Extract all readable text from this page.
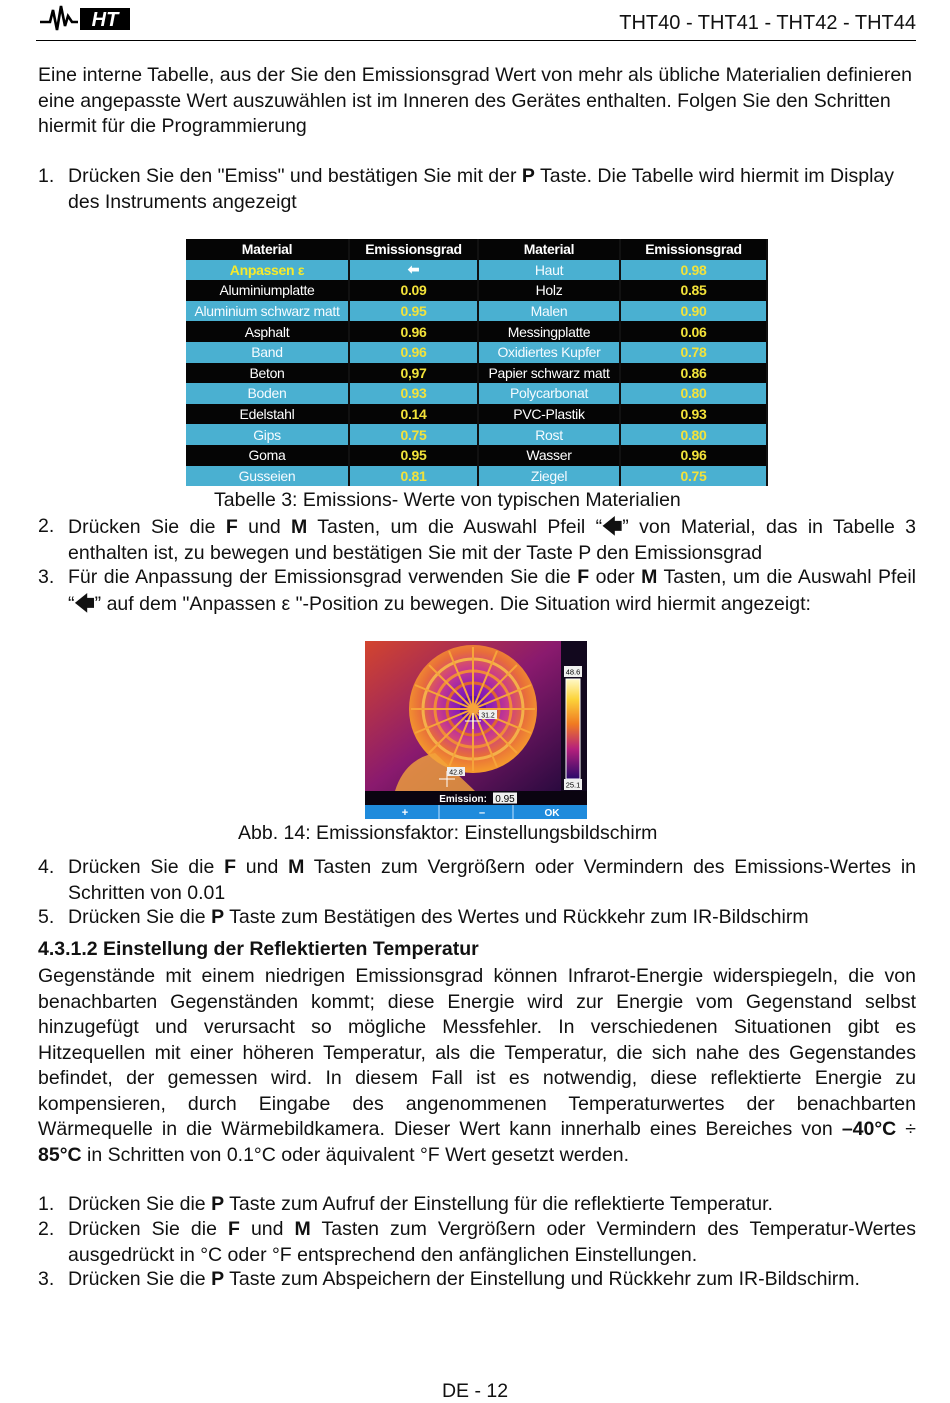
HT	THT40 - THT41 - THT42 - THT44

Eine interne Tabelle, aus der Sie den Emissionsgrad Wert von mehr als übliche Materialien definieren eine angepasste Wert auszuwählen ist im Inneren des Gerätes enthalten. Folgen Sie den Schritten hiermit für die Programmierung

1. Drücken Sie den "Emiss" und bestätigen Sie mit der P Taste. Die Tabelle wird hiermit im Display des Instruments angezeigt
Material	Emissionsgrad	Material	Emissionsgrad
Anpassen ε	⬅	Haut	0.98
Aluminiumplatte	0.09	Holz	0.85
Aluminium schwarz matt	0.95	Malen	0.90
Asphalt	0.96	Messingplatte	0.06
Band	0.96	Oxidiertes Kupfer	0.78
Beton	0,97	Papier schwarz matt	0.86
Boden	0.93	Polycarbonat	0.80
Edelstahl	0.14	PVC-Plastik	0.93
Gips	0.75	Rost	0.80
Goma	0.95	Wasser	0.96
Gusseien	0.81	Ziegel	0.75
Tabelle 3: Emissions- Werte von typischen Materialien
2. Drücken Sie die F und M Tasten, um die Auswahl Pfeil “🡄” von Material, das in Tabelle 3 enthalten ist, zu bewegen und bestätigen Sie mit der Taste P den Emissionsgrad
3. Für die Anpassung der Emissionsgrad verwenden Sie die F oder M Tasten, um die Auswahl Pfeil “🡄” auf dem "Anpassen ε "-Position zu bewegen. Die Situation wird hiermit angezeigt:
31.2
42.8
48.6
25.1
Emission: 0.95
+	–	OK
Abb. 14: Emissionsfaktor: Einstellungsbildschirm
4. Drücken Sie die F und M Tasten zum Vergrößern oder Vermindern des Emissions-Wertes in Schritten von 0.01
5. Drücken Sie die P Taste zum Bestätigen des Wertes und Rückkehr zum IR-Bildschirm
4.3.1.2 Einstellung der Reflektierten Temperatur

Gegenstände mit einem niedrigen Emissionsgrad können Infrarot-Energie widerspiegeln, die von benachbarten Gegenständen kommt; diese Energie wird zur Energie vom Gegenstand selbst hinzugefügt und verursacht so mögliche Messfehler. In verschiedenen Situationen gibt es Hitzequellen mit einer höheren Temperatur, als die Temperatur, die sich nahe des Gegenstandes befindet, der gemessen wird. In diesem Fall ist es notwendig, diese reflektierte Energie zu kompensieren, durch Eingabe des angenommenen Temperaturwertes der benachbarten Wärmequelle in die Wärmebildkamera. Dieser Wert kann innerhalb eines Bereiches von –40°C ÷ 85°C in Schritten von 0.1°C oder äquivalent °F Wert gesetzt werden.

1. Drücken Sie die P Taste zum Aufruf der Einstellung für die reflektierte Temperatur.
2. Drücken Sie die F und M Tasten zum Vergrößern oder Vermindern des Temperatur-Wertes ausgedrückt in °C oder °F entsprechend den anfänglichen Einstellungen.
3. Drücken Sie die P Taste zum Abspeichern der Einstellung und Rückkehr zum IR-Bildschirm.
DE - 12
